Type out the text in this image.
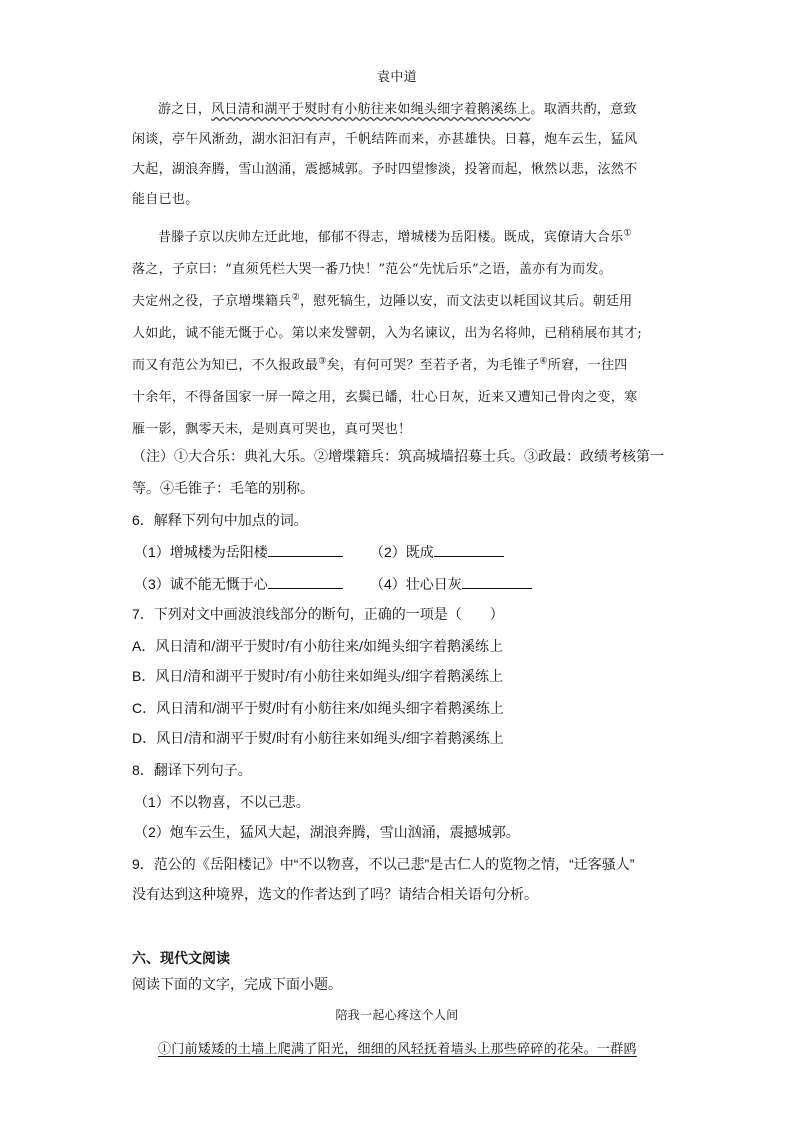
袁中道
游之日，风日清和湖平于熨时有小舫往来如绳头细字着鹅溪练上。取酒共酌，意致
闲谈，亭午风渐劲，湖水汩汩有声，千帆结阵而来，亦甚雄快。日暮，炮车云生，猛风
大起，湖浪奔腾，雪山汹涌，震撼城郭。予时四望惨淡，投箸而起，愀然以悲，泫然不
能自已也。
昔滕子京以庆帅左迁此地，郁郁不得志，增城楼为岳阳楼。既成，宾僚请大合乐①
落之，子京曰：“直须凭栏大哭一番乃快！”范公“先忧后乐”之语，盖亦有为而发。
夫定州之役，子京增堞籍兵②，慰死犒生，边陲以安，而文法吏以耗国议其后。朝廷用
人如此，诚不能无慨于心。第以来发譬朝，入为名谏议，出为名将帅，已稍稍展布其才;
而又有范公为知已，不久报政最③矣，有何可哭？至若予者，为毛锥子④所窘，一往四
十余年，不得备国家一屏一障之用，玄鬓已皤，壮心日灰，近来又遭知己骨肉之变，寒
雁一影，飘零天末，是则真可哭也，真可哭也！
（注）①大合乐：典礼大乐。②增堞籍兵：筑高城墙招募士兵。③政最：政绩考核第一
等。④毛锥子：毛笔的别称。
6．解释下列句中加点的词。
（1）增城楼为岳阳楼	（2）既成
（3）诚不能无慨于心	（4）壮心日灰
7．下列对文中画波浪线部分的断句，正确的一项是（　　）
A．风日清和/湖平于熨时/有小舫往来/如绳头细字着鹅溪练上
B．风日/清和湖平于熨时/有小舫往来如绳头/细字着鹅溪练上
C．风日清和/湖平于熨/时有小舫往来/如绳头细字着鹅溪练上
D．风日/清和湖平于熨/时有小舫往来如绳头/细字着鹅溪练上
8．翻译下列句子。
（1）不以物喜，不以己悲。
（2）炮车云生，猛风大起，湖浪奔腾，雪山汹涌，震撼城郭。
9．范公的《岳阳楼记》中“不以物喜，不以己悲”是古仁人的览物之情，“迁客骚人”
没有达到这种境界，选文的作者达到了吗？请结合相关语句分析。
六、现代文阅读
阅读下面的文字，完成下面小题。
陪我一起心疼这个人间
①门前矮矮的土墙上爬满了阳光，细细的风轻抚着墙头上那些碎碎的花朵。一群鸥
